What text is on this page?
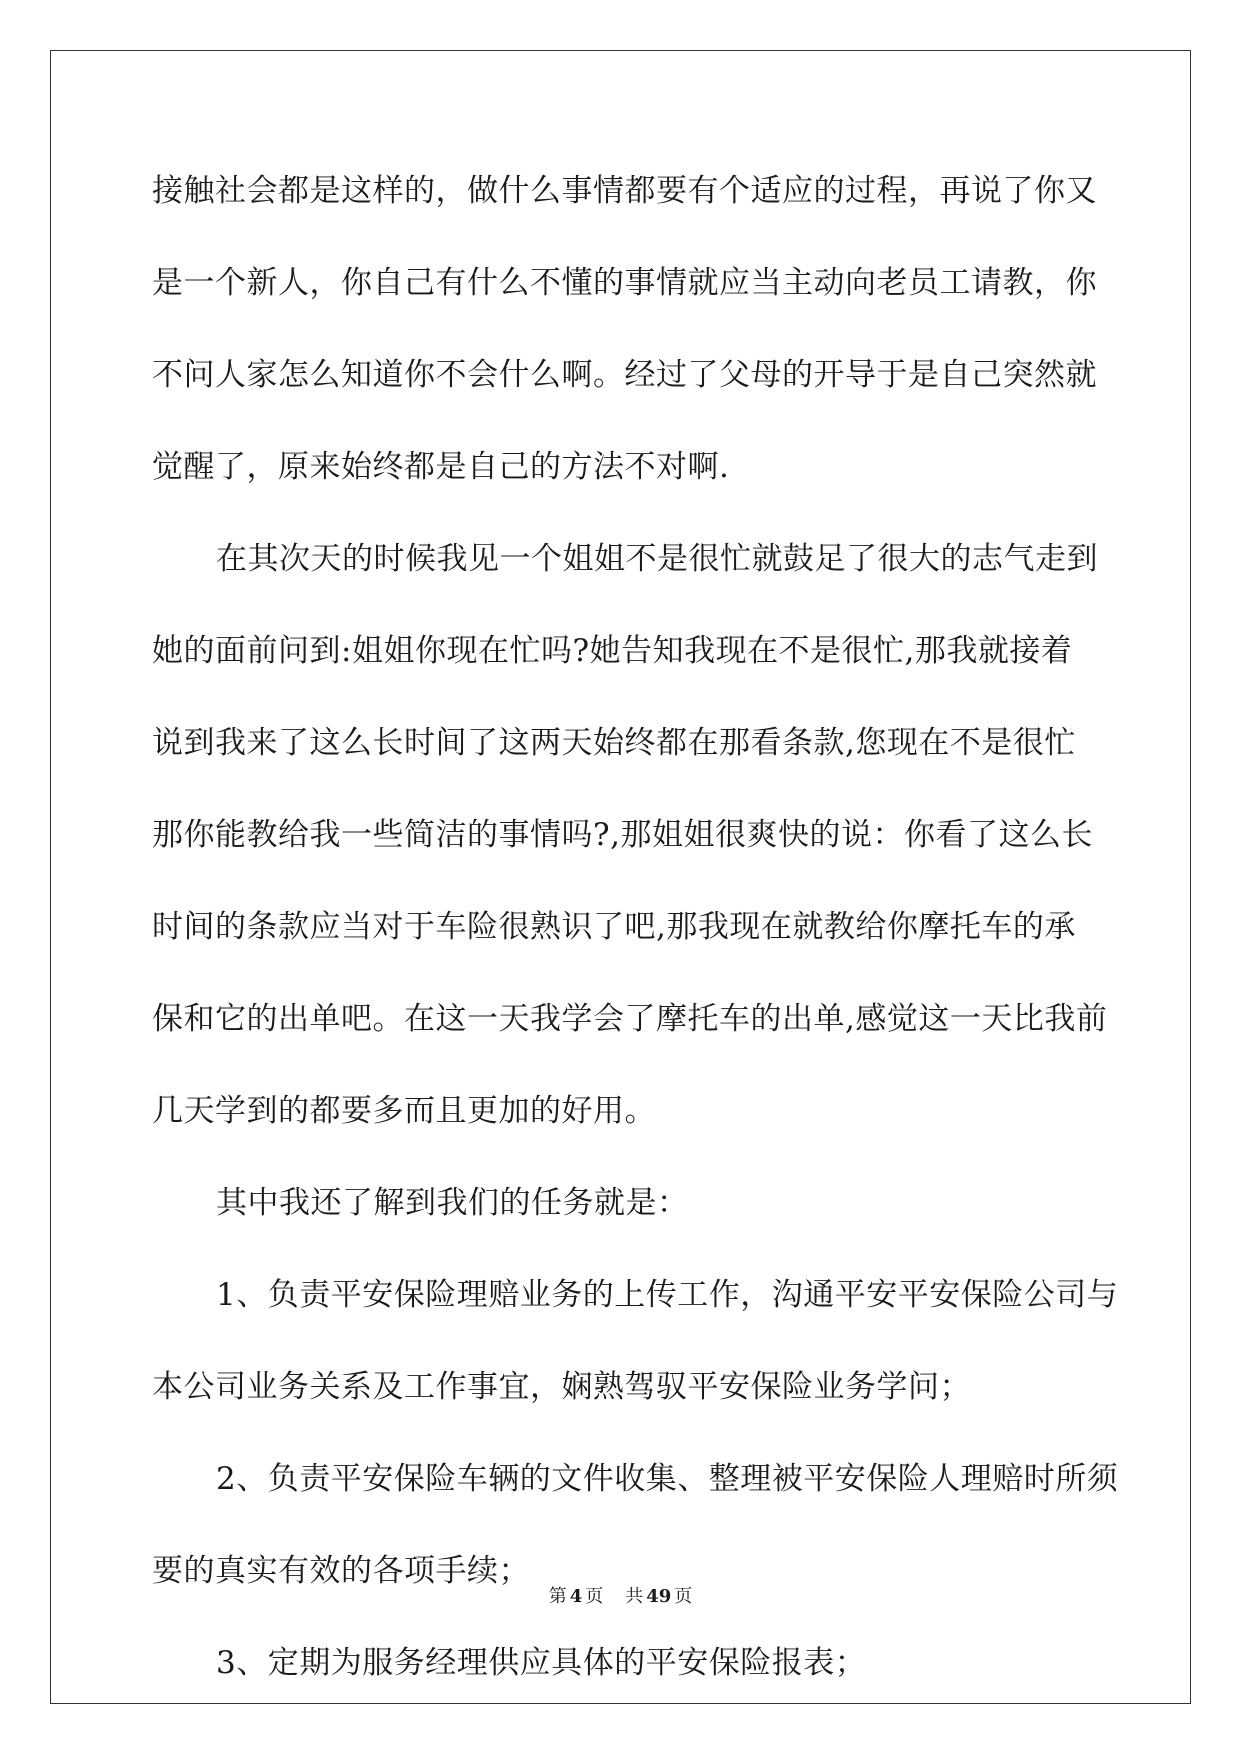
接触社会都是这样的，做什么事情都要有个适应的过程，再说了你又
是一个新人，你自己有什么不懂的事情就应当主动向老员工请教，你
不问人家怎么知道你不会什么啊。经过了父母的开导于是自己突然就
觉醒了，原来始终都是自己的方法不对啊.
在其次天的时候我见一个姐姐不是很忙就鼓足了很大的志气走到
她的面前问到:姐姐你现在忙吗?她告知我现在不是很忙,那我就接着
说到我来了这么长时间了这两天始终都在那看条款,您现在不是很忙
那你能教给我一些简洁的事情吗?,那姐姐很爽快的说：你看了这么长
时间的条款应当对于车险很熟识了吧,那我现在就教给你摩托车的承
保和它的出单吧。在这一天我学会了摩托车的出单,感觉这一天比我前
几天学到的都要多而且更加的好用。
其中我还了解到我们的任务就是：
1、负责平安保险理赔业务的上传工作，沟通平安平安保险公司与
本公司业务关系及工作事宜，娴熟驾驭平安保险业务学问；
2、负责平安保险车辆的文件收集、整理被平安保险人理赔时所须
要的真实有效的各项手续；
3、定期为服务经理供应具体的平安保险报表；
第 4 页 共 49 页
